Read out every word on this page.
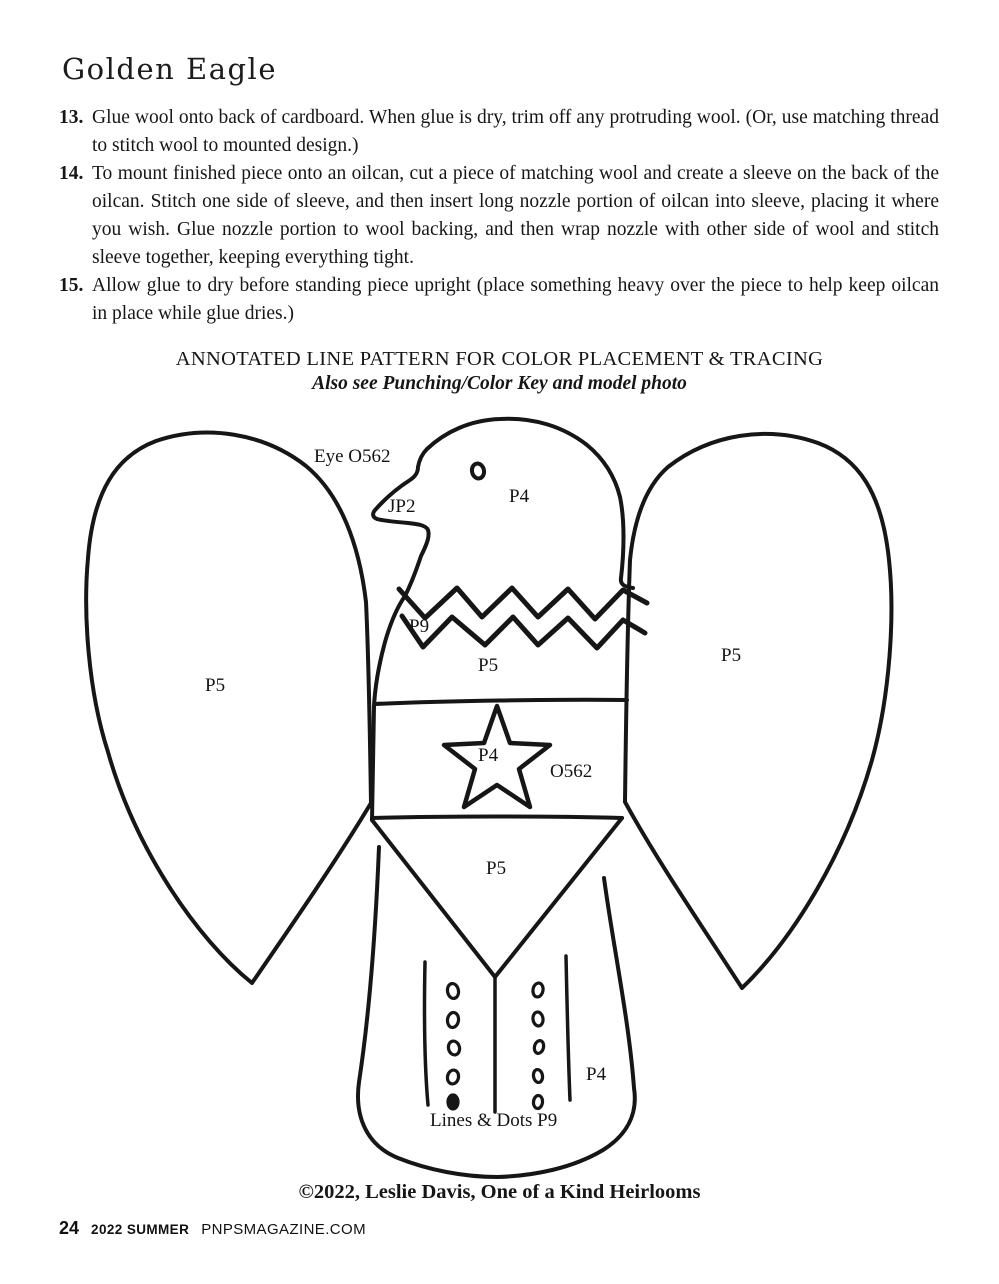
Golden Eagle
13. Glue wool onto back of cardboard. When glue is dry, trim off any protruding wool. (Or, use matching thread to stitch wool to mounted design.)
14. To mount finished piece onto an oilcan, cut a piece of matching wool and create a sleeve on the back of the oilcan. Stitch one side of sleeve, and then insert long nozzle portion of oilcan into sleeve, placing it where you wish. Glue nozzle portion to wool backing, and then wrap nozzle with other side of wool and stitch sleeve together, keeping everything tight.
15. Allow glue to dry before standing piece upright (place something heavy over the piece to help keep oilcan in place while glue dries.)
ANNOTATED LINE PATTERN FOR COLOR PLACEMENT & TRACING
Also see Punching/Color Key and model photo
Eye O562
JP2	P4
P9
P5
P5
P5
P4
O562
P5
P4
Lines & Dots P9
©2022, Leslie Davis, One of a Kind Heirlooms
24 2022 SUMMER PNPSMAGAZINE.COM
